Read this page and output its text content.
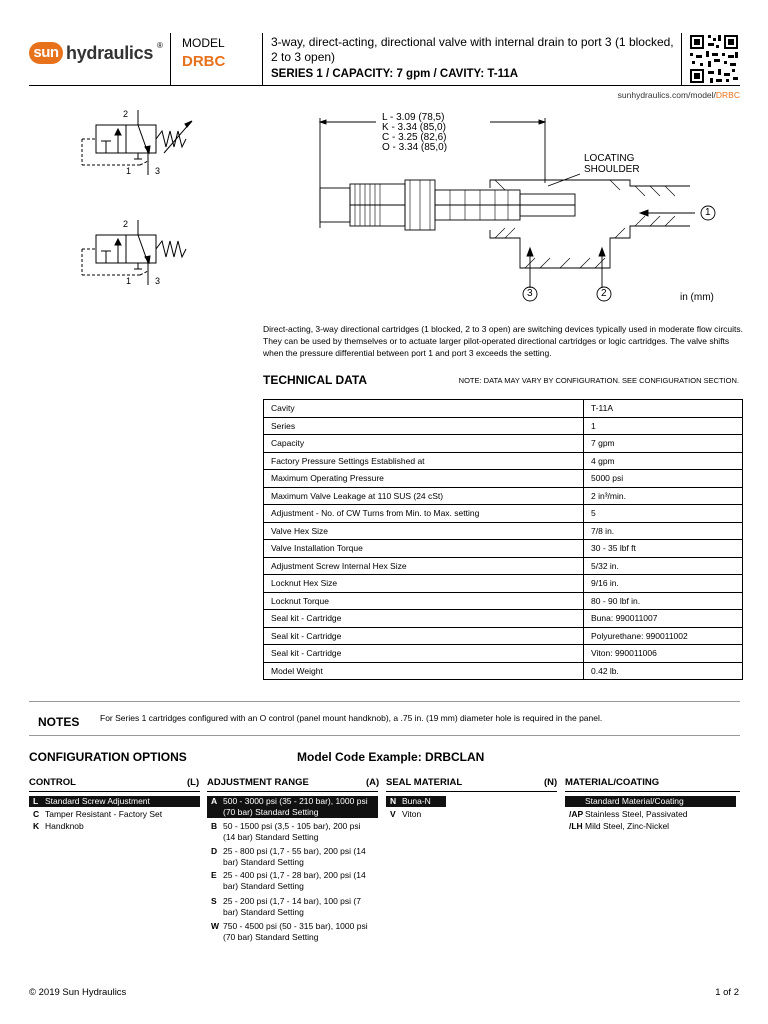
sun hydraulics ® MODEL
DRBC
3-way, direct-acting, directional valve with internal drain to port 3 (1 blocked, 2 to 3 open)
SERIES 1 / CAPACITY: 7 gpm / CAVITY: T-11A
sunhydraulics.com/model/DRBC
2
1	3
2
1	3
L - 3.09 (78,5)
K - 3.34 (85,0)
C - 3.25 (82,6)
O - 3.34 (85,0)
LOCATING
SHOULDER
1
3	2	in (mm)
Direct-acting, 3-way directional cartridges (1 blocked, 2 to 3 open) are switching devices typically used in moderate flow circuits. They can be used by themselves or to actuate larger pilot-operated directional cartridges or logic cartridges. The valve shifts when the pressure differential between port 1 and port 3 exceeds the setting.
TECHNICAL DATA	NOTE: DATA MAY VARY BY CONFIGURATION. SEE CONFIGURATION SECTION.
Cavity	T-11A
Series	1
Capacity	7 gpm
Factory Pressure Settings Established at	4 gpm
Maximum Operating Pressure	5000 psi
Maximum Valve Leakage at 110 SUS (24 cSt)	2 in³/min.
Adjustment - No. of CW Turns from Min. to Max. setting	5
Valve Hex Size	7/8 in.
Valve Installation Torque	30 - 35 lbf ft
Adjustment Screw Internal Hex Size	5/32 in.
Locknut Hex Size	9/16 in.
Locknut Torque	80 - 90 lbf in.
Seal kit - Cartridge	Buna: 990011007
Seal kit - Cartridge	Polyurethane: 990011002
Seal kit - Cartridge	Viton: 990011006
Model Weight	0.42 lb.
NOTES For Series 1 cartridges configured with an O control (panel mount handknob), a .75 in. (19 mm) diameter hole is required in the panel.
CONFIGURATION OPTIONS	Model Code Example: DRBCLAN
CONTROL	(L) ADJUSTMENT RANGE	(A) SEAL MATERIAL	(N) MATERIAL/COATING
L Standard Screw Adjustment
C Tamper Resistant - Factory Set
K Handknob
A 500 - 3000 psi (35 - 210 bar), 1000 psi
(70 bar) Standard Setting
B 50 - 1500 psi (3,5 - 105 bar), 200 psi
(14 bar) Standard Setting
D 25 - 800 psi (1,7 - 55 bar), 200 psi (14
bar) Standard Setting
E 25 - 400 psi (1,7 - 28 bar), 200 psi (14
bar) Standard Setting
S 25 - 200 psi (1,7 - 14 bar), 100 psi (7
bar) Standard Setting
W 750 - 4500 psi (50 - 315 bar), 1000 psi
(70 bar) Standard Setting
N Buna-N
V Viton
Standard Material/Coating
/AP Stainless Steel, Passivated
/LH Mild Steel, Zinc-Nickel
© 2019 Sun Hydraulics	1 of 2
